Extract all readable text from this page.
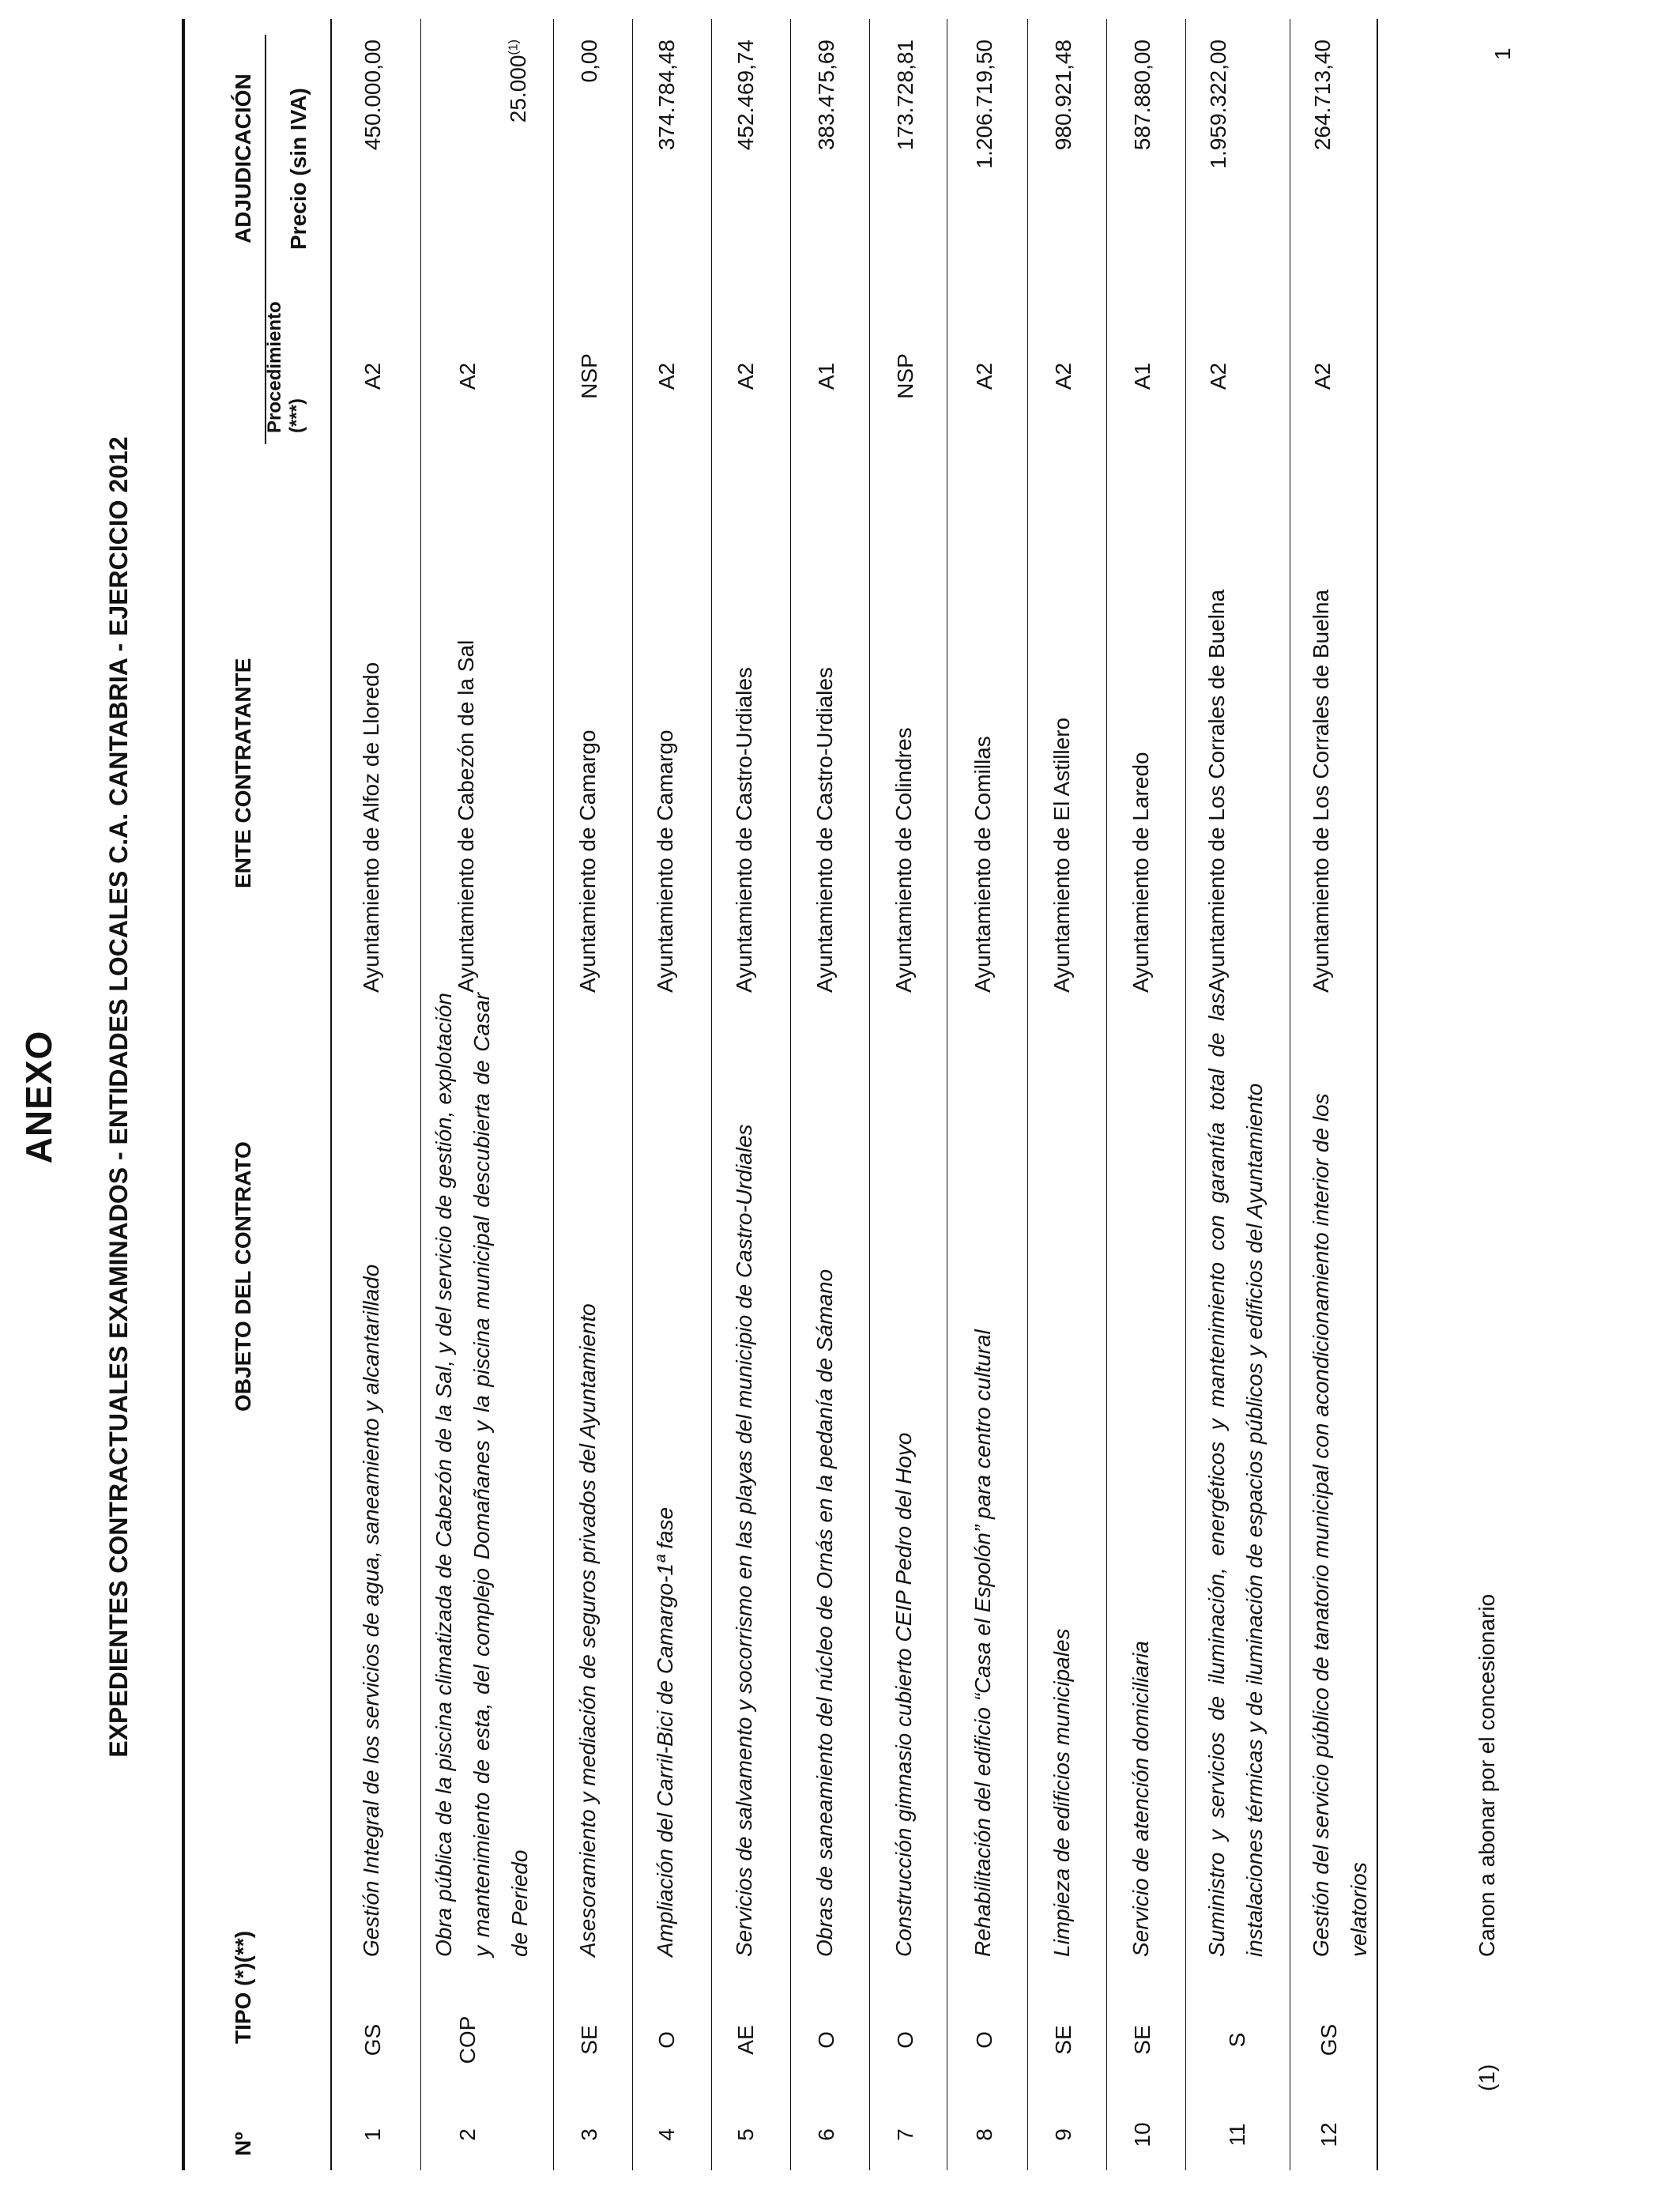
ANEXO EXPEDIENTES CONTRACTUALES EXAMINADOS - ENTIDADES LOCALES C.A. CANTABRIA - EJERCICIO 2012
Nº
TIPO (*)(**)
OBJETO DEL CONTRATO
ENTE CONTRATANTE
ADJUDICACIÓN
Procedimiento (***)
Precio (sin IVA)
1
GS
Gestión Integral de los servicios de agua, saneamiento y alcantarillado
Ayuntamiento de Alfoz de Lloredo
A2
450.000,00
2
COP
Obra pública de la piscina climatizada de Cabezón de la Sal, y del servicio de gestión, explotación y mantenimiento de esta, del complejo Domañanes y la piscina municipal descubierta de Casar de Periedo
Ayuntamiento de Cabezón de la Sal
A2
25.000$^{(1)}$
3
SE
Asesoramiento y mediación de seguros privados del Ayuntamiento
Ayuntamiento de Camargo
NSP
0,00
4
O
Ampliación del Carril-Bici de Camargo-1ª fase
Ayuntamiento de Camargo
A2
374.784,48
5
AE
Servicios de salvamento y socorrismo en las playas del municipio de Castro-Urdiales
Ayuntamiento de Castro-Urdiales
A2
452.469,74
6
O
Obras de saneamiento del núcleo de Ornás en la pedanía de Sámano
Ayuntamiento de Castro-Urdiales
A1
383.475,69
7
O
Construcción gimnasio cubierto CEIP Pedro del Hoyo
Ayuntamiento de Colindres
NSP
173.728,81
8
O
Rehabilitación del edificio “Casa el Espolón” para centro cultural
Ayuntamiento de Comillas
A2
1.206.719,50
9
SE
Limpieza de edificios municipales
Ayuntamiento de El Astillero
A2
980.921,48
10
SE
Servicio de atención domiciliaria
Ayuntamiento de Laredo
A1
587.880,00
11
S
Suministro y servicios de iluminación, energéticos y mantenimiento con garantía total de las instalaciones térmicas y de iluminación de espacios públicos y edificios del Ayuntamiento
Ayuntamiento de Los Corrales de Buelna
A2
1.959.322,00
12
GS
Gestión del servicio público de tanatorio municipal con acondicionamiento interior de los velatorios
Ayuntamiento de Los Corrales de Buelna
A2
264.713,40
(1)
Canon a abonar por el concesionario
1
